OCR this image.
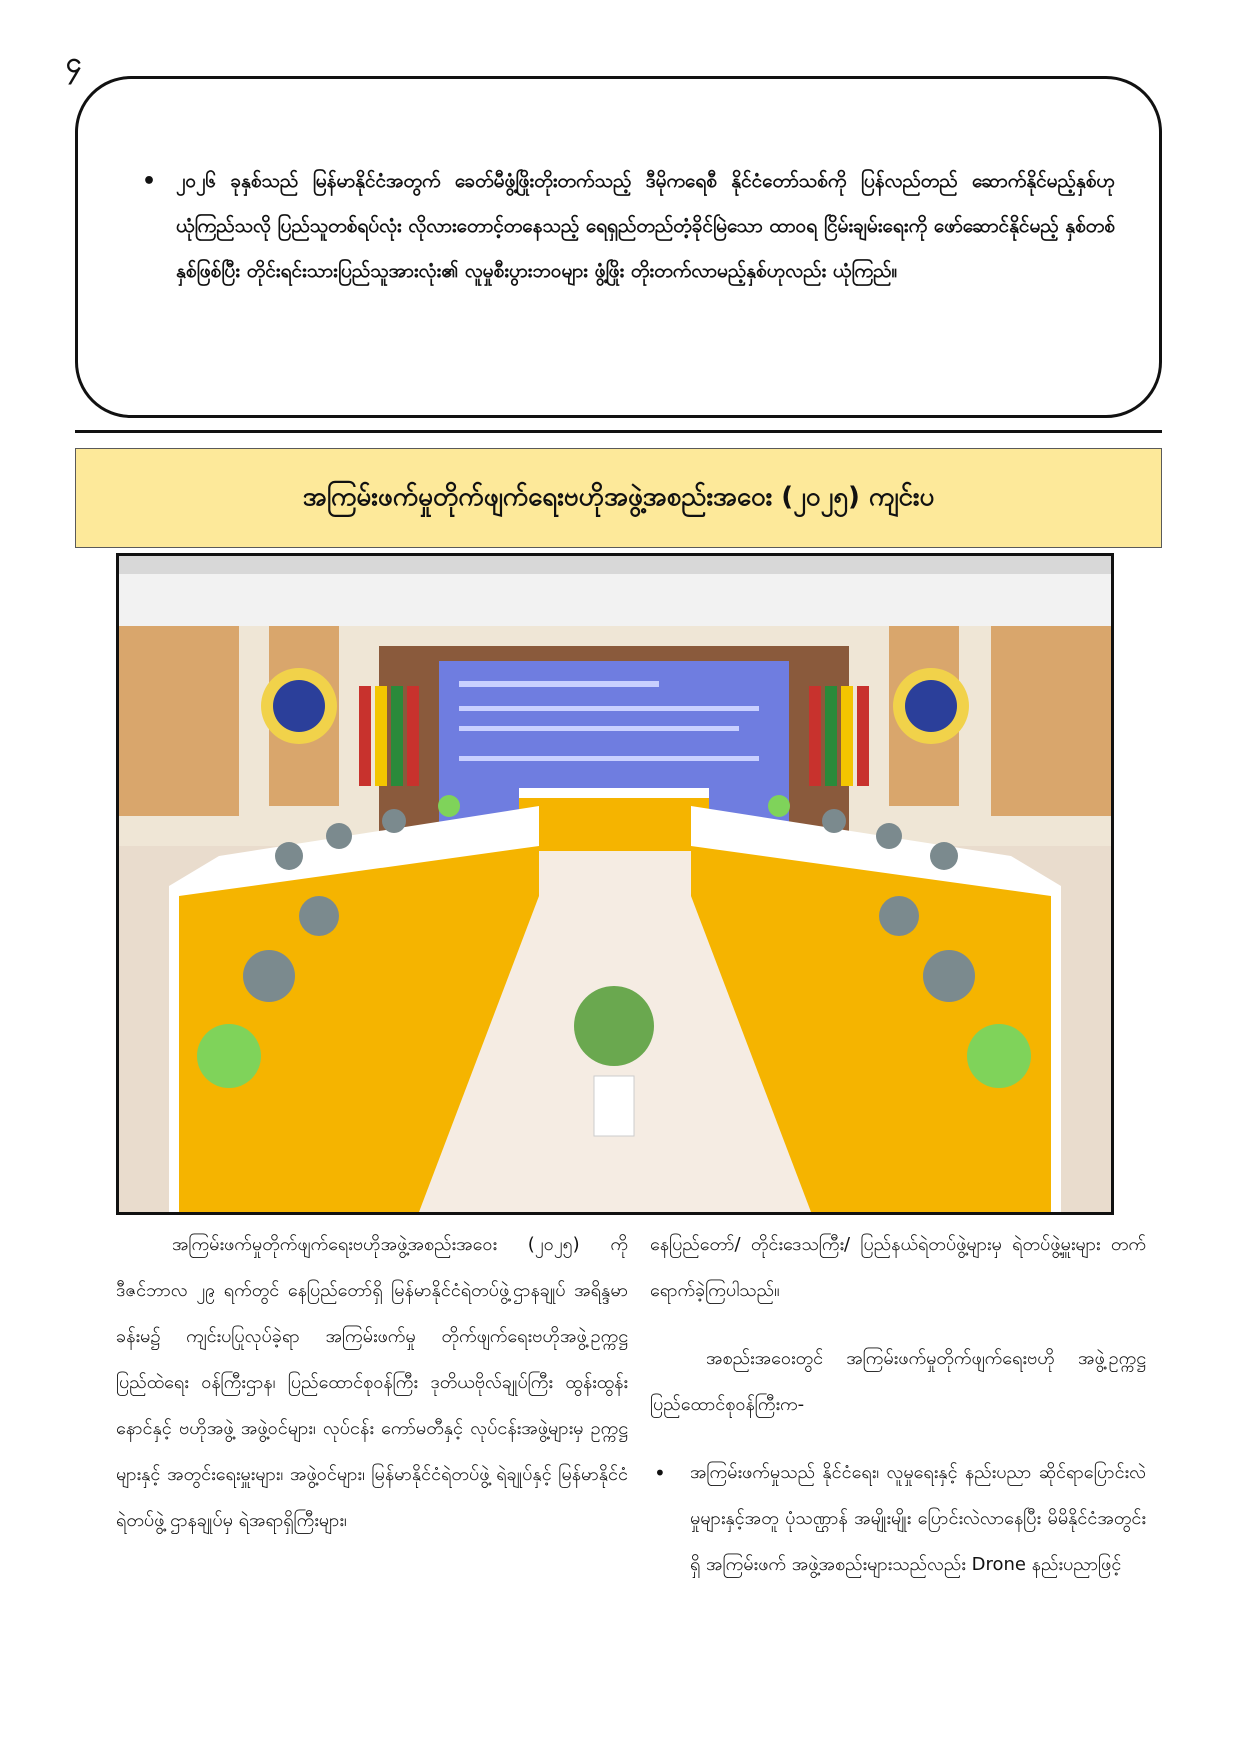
၄
• ၂၀၂၆ ခုနှစ်သည် မြန်မာနိုင်ငံအတွက် ခေတ်မီဖွံ့ဖြိုးတိုးတက်သည့် ဒီမိုကရေစီ နိုင်ငံတော်သစ်ကို ပြန်လည်တည် ဆောက်နိုင်မည့်နှစ်ဟု ယုံကြည်သလို ပြည်သူတစ်ရပ်လုံး လိုလားတောင့်တနေသည့် ရေရှည်တည်တံ့ခိုင်မြဲသော ထာဝရ ငြိမ်းချမ်းရေးကို ဖော်ဆောင်နိုင်မည့် နှစ်တစ်နှစ်ဖြစ်ပြီး တိုင်းရင်းသားပြည်သူအားလုံး၏ လူမှုစီးပွားဘဝများ ဖွံ့ဖြိုး တိုးတက်လာမည့်နှစ်ဟုလည်း ယုံကြည်။
အကြမ်းဖက်မှုတိုက်ဖျက်ရေးဗဟိုအဖွဲ့အစည်းအဝေး (၂၀၂၅) ကျင်းပ

အကြမ်းဖက်မှုတိုက်ဖျက်ရေးဗဟိုအဖွဲ့အစည်းအဝေး (၂၀၂၅) ကို ဒီဇင်ဘာလ ၂၉ ရက်တွင် နေပြည်တော်ရှိ မြန်မာနိုင်ငံရဲတပ်ဖွဲ့ဌာနချုပ် အရိန္ဒမာခန်းမ၌ ကျင်းပပြုလုပ်ခဲ့ရာ အကြမ်းဖက်မှု တိုက်ဖျက်ရေးဗဟိုအဖွဲ့ဥက္ကဋ္ဌ ပြည်ထဲရေး ဝန်ကြီးဌာန၊ ပြည်ထောင်စုဝန်ကြီး ဒုတိယဗိုလ်ချုပ်ကြီး ထွန်းထွန်းနောင်နှင့် ဗဟိုအဖွဲ့ အဖွဲ့ဝင်များ၊ လုပ်ငန်း ကော်မတီနှင့် လုပ်ငန်းအဖွဲ့များမှ ဥက္ကဋ္ဌများနှင့် အတွင်းရေးမှူးများ၊ အဖွဲ့ဝင်များ၊ မြန်မာနိုင်ငံရဲတပ်ဖွဲ့ ရဲချုပ်နှင့် မြန်မာနိုင်ငံရဲတပ်ဖွဲ့ ဌာနချုပ်မှ ရဲအရာရှိကြီးများ၊

နေပြည်တော်/ တိုင်းဒေသကြီး/ ပြည်နယ်ရဲတပ်ဖွဲ့များမှ ရဲတပ်ဖွဲ့မှူးများ တက်ရောက်ခဲ့ကြပါသည်။

အစည်းအဝေးတွင် အကြမ်းဖက်မှုတိုက်ဖျက်ရေးဗဟို အဖွဲ့ဥက္ကဋ္ဌ ပြည်ထောင်စုဝန်ကြီးက-

• အကြမ်းဖက်မှုသည် နိုင်ငံရေး၊ လူမှုရေးနှင့် နည်းပညာ ဆိုင်ရာပြောင်းလဲမှုများနှင့်အတူ ပုံသဏ္ဌာန် အမျိုးမျိုး ပြောင်းလဲလာနေပြီး မိမိနိုင်ငံအတွင်းရှိ အကြမ်းဖက် အဖွဲ့အစည်းများသည်လည်း Drone နည်းပညာဖြင့်
